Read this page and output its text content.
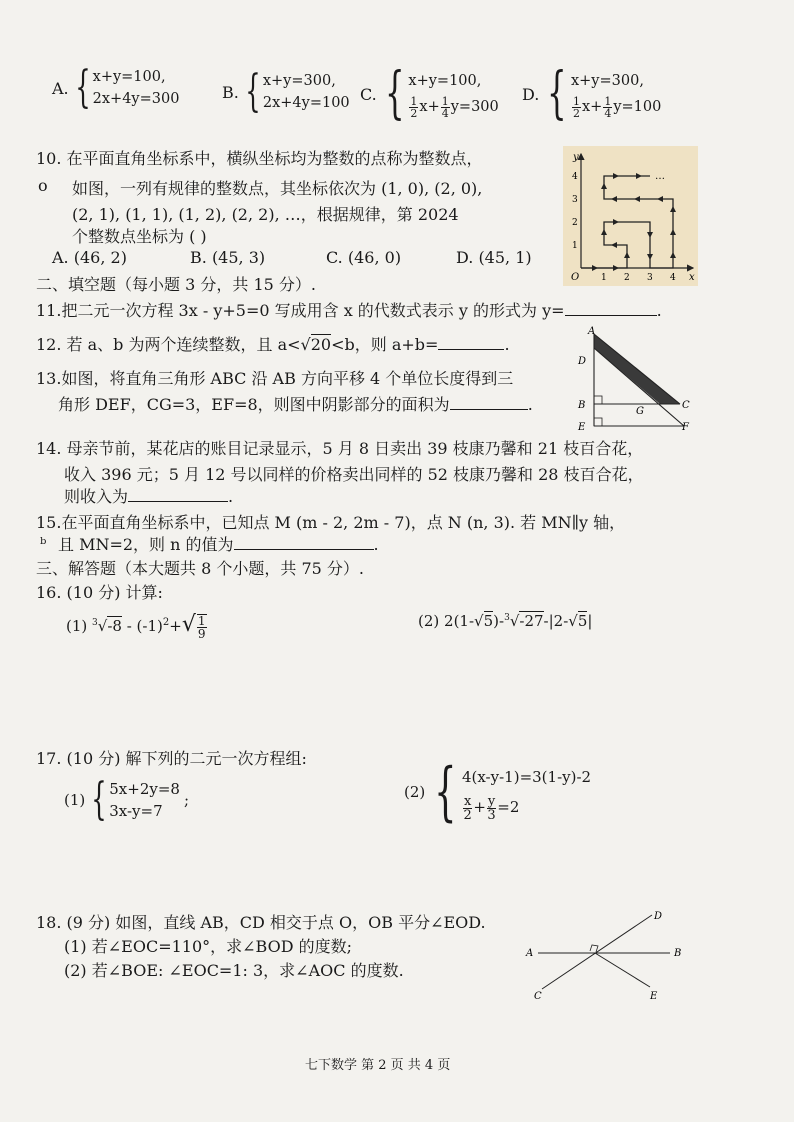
A. { x+y=100,
2x+4y=300	B. { x+y=300,
2x+4y=100 C. { x+y=100,
$\frac{1}{2} x+ \frac{1}{4} y=300$
D. { x+y=300,
$\frac{1}{2} x+ \frac{1}{4} y=100$
10. 在平面直角坐标系中，横纵坐标均为整数的点称为整数点，
o 如图，一列有规律的整数点，其坐标依次为 (1, 0), (2, 0),
(2, 1), (1, 1), (1, 2), (2, 2), …，根据规律，第 2024
个整数点坐标为 ( )
A. (46, 2)	B. (45, 3)	C. (46, 0)	D. (45, 1)
y
x
O 1 2 3 4
1
2
3
4	…
二、填空题（每小题 3 分，共 15 分）.
11.把二元一次方程 3x - y+5=0 写成用含 x 的代数式表示 y 的形式为 y=	.
12. 若 a、b 为两个连续整数，且 a<√20<b，则 a+b=	.
13.如图，将直角三角形 ABC 沿 AB 方向平移 4 个单位长度得到三
角形 DEF，CG=3，EF=8，则图中阴影部分的面积为	.
A
D
B	C
G
E	F
14. 母亲节前，某花店的账目记录显示，5 月 8 日卖出 39 枝康乃馨和 21 枝百合花，
收入 396 元；5 月 12 号以同样的价格卖出同样的 52 枝康乃馨和 28 枝百合花，
则收入为	.
15.在平面直角坐标系中，已知点 M (m - 2, 2m - 7)，点 N (n, 3). 若 MN∥y 轴，
ᵇ 且 MN=2，则 n 的值为	.
三、解答题（本大题共 8 个小题，共 75 分）.
16. (10 分) 计算:
(1) $^3√-8 - (-1)^2+√ \frac{1}{9}$	(2) 2(1-√5)-$^3$√-27-|2-√5|
17. (10 分) 解下列的二元一次方程组:
(1) { 5x+2y=8
3x-y=7
;	(2) { 4(x-y-1)=3(1-y)-2
$\frac{x}{2} + \frac{y}{3} =2$
18. (9 分) 如图，直线 AB，CD 相交于点 O，OB 平分∠EOD.
(1) 若∠EOC=110°，求∠BOD 的度数;
(2) 若∠BOE: ∠EOC=1: 3，求∠AOC 的度数.
A	B
C
D
E
七下数学 第 2 页 共 4 页
